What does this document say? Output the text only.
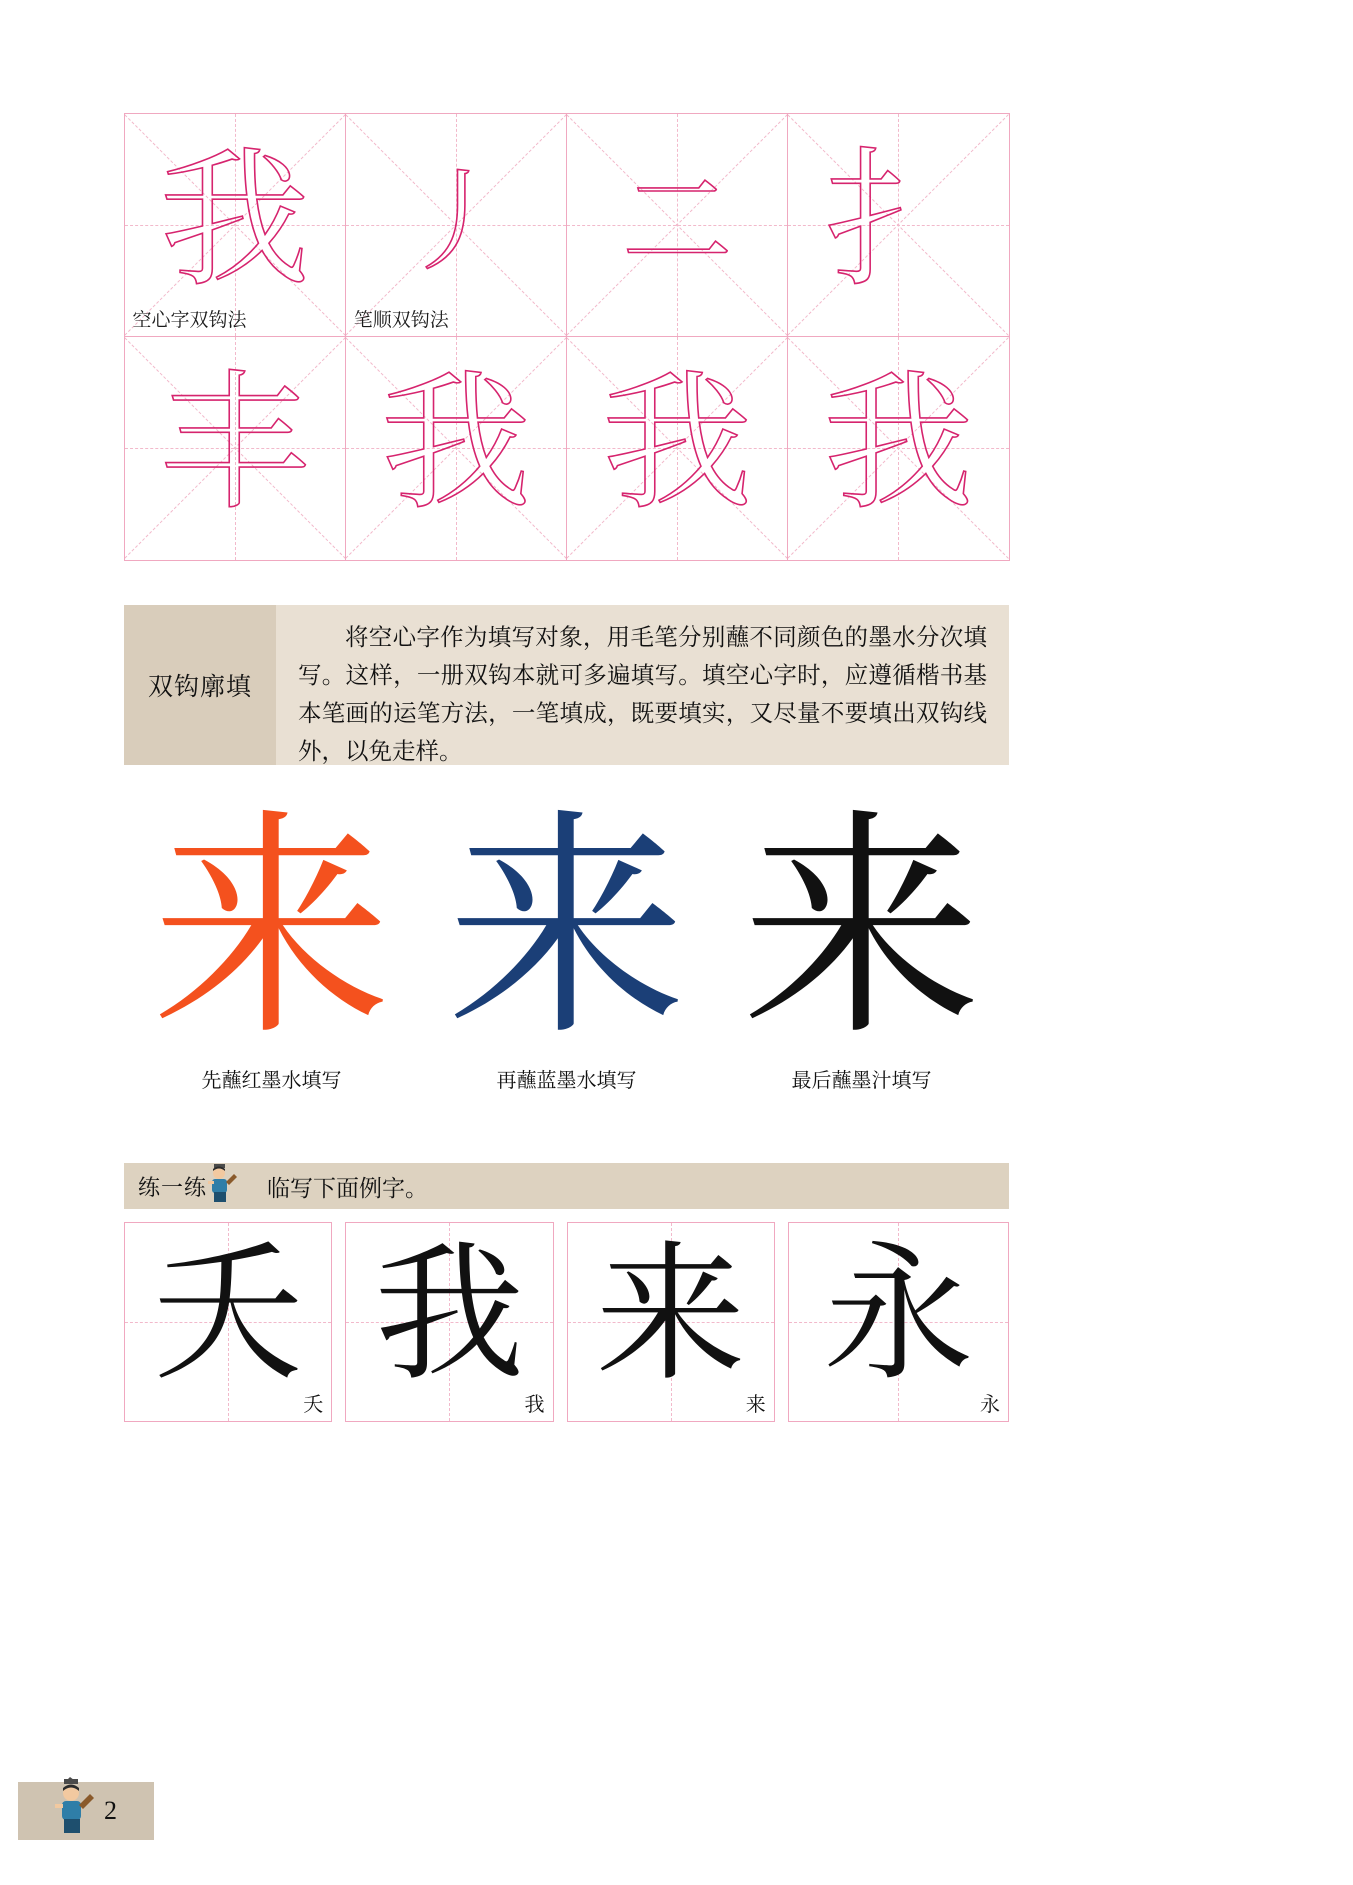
我
空心字双钩法
丿
笔顺双钩法
二 扌
丰 我 我 我
双钩廓填
将空心字作为填写对象，用毛笔分别蘸不同颜色的墨水分次填写。这样，一册双钩本就可多遍填写。填空心字时，应遵循楷书基本笔画的运笔方法，一笔填成，既要填实，又尽量不要填出双钩线外，以免走样。
来
先蘸红墨水填写
来
再蘸蓝墨水填写
来
最后蘸墨汁填写
练一练	临写下面例字。
夭
夭
我
我
来
来
永
永
2
